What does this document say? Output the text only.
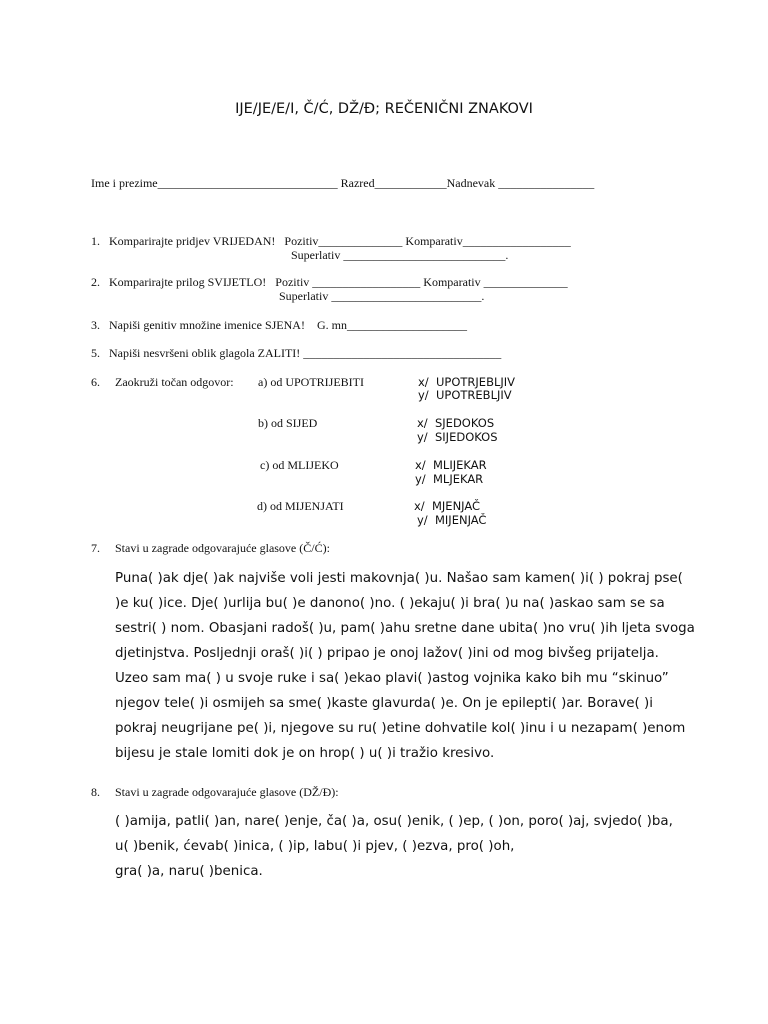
IJE/JE/E/I, Č/Ć, DŽ/Đ; REČENIČNI ZNAKOVI
Ime i prezime______________________________ Razred____________Nadnevak ________________
1.   Komparirajte pridjev VRIJEDAN!   Pozitiv______________ Komparativ__________________
Superlativ ___________________________.
2.   Komparirajte prilog SVIJETLO!   Pozitiv __________________ Komparativ ______________
Superlativ _________________________.
3.   Napiši genitiv množine imenice SJENA!    G. mn____________________
5.   Napiši nesvršeni oblik glagola ZALITI! _________________________________
6.     Zaokruži točan odgovor: a) od UPOTRIJEBITI	x/  UPOTRJEBLJIV
y/  UPOTREBLJIV
b) od SIJED	x/  SJEDOKOS
y/  SIJEDOKOS
c) od MLIJEKO	x/  MLIJEKAR
y/  MLJEKAR
d) od MIJENJATI	x/  MJENJAČ
y/  MIJENJAČ
7.     Stavi u zagrade odgovarajuće glasove (Č/Ć):
Puna( )ak dje( )ak najviše voli jesti makovnja( )u. Našao sam kamen( )i( ) pokraj pse( )e ku( )ice. Dje( )urlija bu( )e danono( )no. ( )ekaju( )i bra( )u na( )askao sam se sa sestri( ) nom. Obasjani radoš( )u, pam( )ahu sretne dane ubita( )no vru( )ih ljeta svoga djetinjstva. Posljednji oraš( )i( ) pripao je onoj lažov( )ini od mog bivšeg prijatelja. Uzeo sam ma( ) u svoje ruke i sa( )ekao plavi( )astog vojnika kako bih mu “skinuo” njegov tele( )i osmijeh sa sme( )kaste glavurda( )e. On je epilepti( )ar. Borave( )i pokraj neugrijane pe( )i, njegove su ru( )etine dohvatile kol( )inu i u nezapam( )enom bijesu je stale lomiti dok je on hrop( ) u( )i tražio kresivo.
8.     Stavi u zagrade odgovarajuće glasove (DŽ/Đ):
( )amija, patli( )an, nare( )enje, ča( )a, osu( )enik, ( )ep, ( )on, poro( )aj, svjedo( )ba,
u( )benik, ćevab( )inica, ( )ip, labu( )i pjev, ( )ezva, pro( )oh,
gra( )a, naru( )benica.
